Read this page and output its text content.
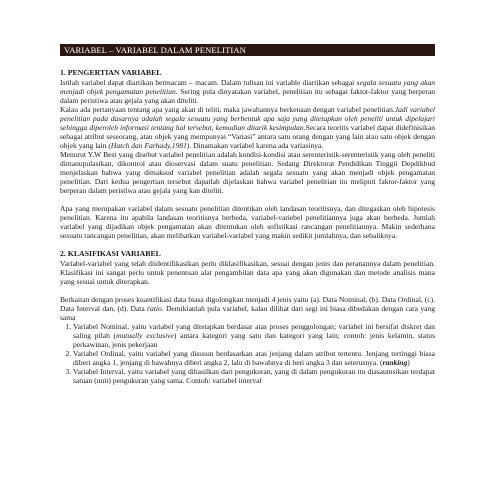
VARIABEL – VARIABEL DALAM PENELITIAN
1. PENGERTIAN VARIABEL

Istilah variabel dapat diartikan bermacam – macam. Dalam tulisan ini variable diartikan sebagai segala sesuatu yang akan menjadi objek pengamatan penelitian. Sering pula dinyatakan variabel, penelitian itu sebagai faktor-faktor yang berperan dalam peristiwa atau gejala yang akan diteliti.

Kalau ada pertanyaan tentang apa yang akan di teliti, maka jawabannya berkenaan dengan variabel penelitian.Jadi variabel penelitian pada dasarnya adalah segala sesuatu yang berbentuk apa saja yang ditetapkan oleh peneliti untuk dipelajari sehingga diperoleh informasi tentang hal tersebut, kemudian ditarik kesimpulan.Secara teoritis variabel dapat didefinisikan sebagai atribut seseorang, atau objek yang mempunyai “Variasi” antara satu orang dengan yang lain atau satu objek dengan objek yang lain (Hatch dan Farhady,1981). Dinamakan variabel karena ada variasinya.

Menurut Y.W Best yang disebut variabel penelitian adalah kondisi-kondisi atau serenteristik-serenteristik yang oleh peneliti dimanupulasikan, dikontrol atau dioservasi dalam suatu penelitian. Sedang Direktorat Pendidikan Tinggii Depdikbud menjelaskan bahwa yang dimaksud variabel penelitian adalah segala sesuatu yang akan menjadi objek pengamatan penelitian. Dari kedua pengertian tersebut dapatlah dijelaskan bahwa variabel penelitian itu meliputi faktor-faktor yang berperan dalam peristiwa atau gejala yang kan diteliti.

Apa yang merupakan variabel dalam sesuatu penelitian ditentikan oleh landasan teoritisnya, dan ditegaskan oleh hipotesis penelitian. Karena itu apabila landasan teoritisnya berbeda, variabel-variebel penelitiannya juga akan berbeda. Jumlah variabel yang dijadikan objek pengamatan akan ditentukan oleh sofistikasi rancangan penelitiannya. Makin sederhana sesuatu rancangan penelitian, akan melibatkan variabel-variabel yang makin sedikit jumlahnya, dan sebaliknya.

2. KLASIFIKASI VARIABEL

Variabel-variabel yang telah diidentifikasikan perlu diklasifikasikan, sesuai dengan jenis dan peranannya dalam penelitian. Klasifikasi ini sangat perlu untuk penentuan alat pengambilan data apa yang akan digunakan dan metode analisis mana yang sesuai untuk diterapkan.

Berkaitan dengan proses kuantifikasi data biasa digolongkan menjadi 4 jenis yaitu (a). Data Nominal, (b). Data Ordinal, (c). Data Interval dan, (d). Data ratio. Demikianlah pula variabel, kalau dilihat dari segi ini biasa dibedakan dengan cara yang sama

1. Variabel Nominal, yaitu variabel yang ditetapkan berdasar atas proses penggolongan; variabel ini bersifat diskret dan saling pilah (mutually exclusive) antara kategori yang satu dan kategori yang lain; contoh: jenis kelamin, status perkawinan, jenis pekerjaan
2. Variabel Ordinal, yaitu variabel yang disusun berdasarkan atas jenjang dalam atribut tertentu. Jenjang tertinggi biasa diberi angka 1, jenjang di bawahnya diberi angka 2, lalu di bawahnya di beri angka 3 dan seterusnya. (ranking)
3. Variabel Interval, yaitu variabel yang dihasilkan dari pengukuran, yang di dalam pengukuran itu diasaumsikan terdapat satuan (unit) pengukuran yang sama. Contoh: variabel interval
